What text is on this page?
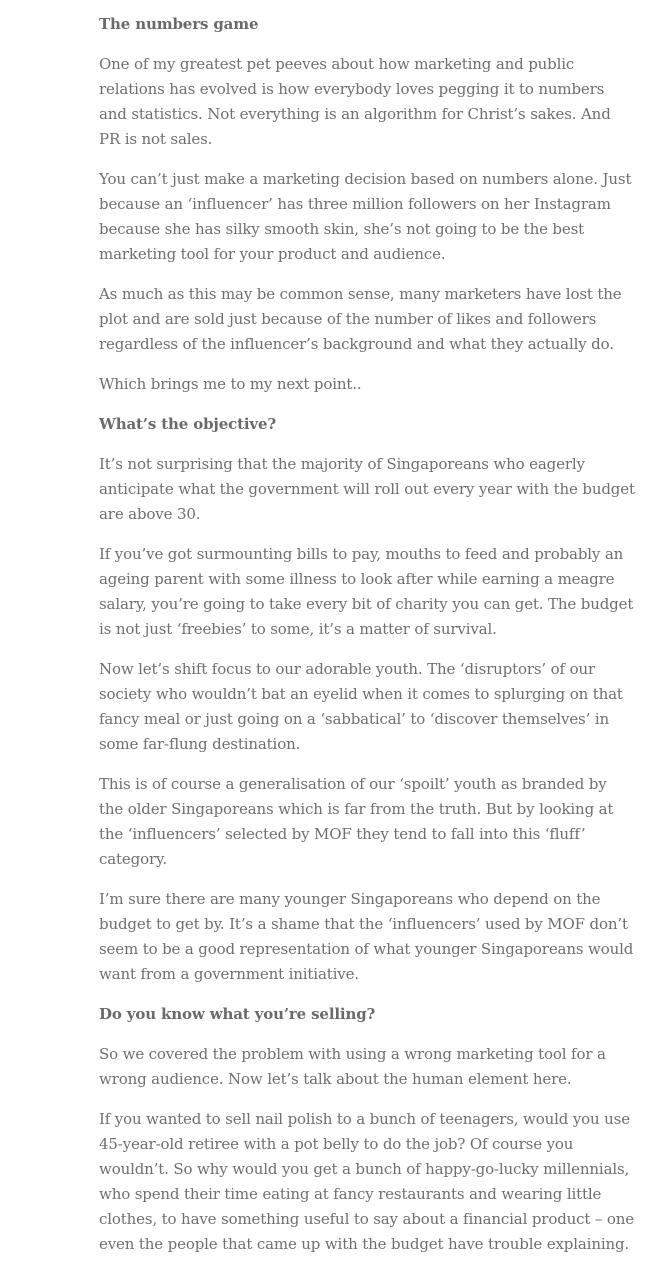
The numbers game

One of my greatest pet peeves about how marketing and public relations has evolved is how everybody loves pegging it to numbers and statistics. Not everything is an algorithm for Christ’s sakes. And PR is not sales.

You can’t just make a marketing decision based on numbers alone. Just because an ‘influencer’ has three million followers on her Instagram because she has silky smooth skin, she’s not going to be the best marketing tool for your product and audience.

As much as this may be common sense, many marketers have lost the plot and are sold just because of the number of likes and followers regardless of the influencer’s background and what they actually do.

Which brings me to my next point..

What’s the objective?

It’s not surprising that the majority of Singaporeans who eagerly anticipate what the government will roll out every year with the budget are above 30.

If you’ve got surmounting bills to pay, mouths to feed and probably an ageing parent with some illness to look after while earning a meagre salary, you’re going to take every bit of charity you can get. The budget is not just ‘freebies’ to some, it’s a matter of survival.

Now let’s shift focus to our adorable youth. The ‘disruptors’ of our society who wouldn’t bat an eyelid when it comes to splurging on that fancy meal or just going on a ‘sabbatical’ to ‘discover themselves’ in some far-flung destination.

This is of course a generalisation of our ‘spoilt’ youth as branded by the older Singaporeans which is far from the truth. But by looking at the ‘influencers’ selected by MOF they tend to fall into this ‘fluff’ category.

I’m sure there are many younger Singaporeans who depend on the budget to get by. It’s a shame that the ‘influencers’ used by MOF don’t seem to be a good representation of what younger Singaporeans would want from a government initiative.

Do you know what you’re selling?

So we covered the problem with using a wrong marketing tool for a wrong audience. Now let’s talk about the human element here.

If you wanted to sell nail polish to a bunch of teenagers, would you use 45-year-old retiree with a pot belly to do the job? Of course you wouldn’t. So why would you get a bunch of happy-go-lucky millennials, who spend their time eating at fancy restaurants and wearing little clothes, to have something useful to say about a financial product – one even the people that came up with the budget have trouble explaining.
